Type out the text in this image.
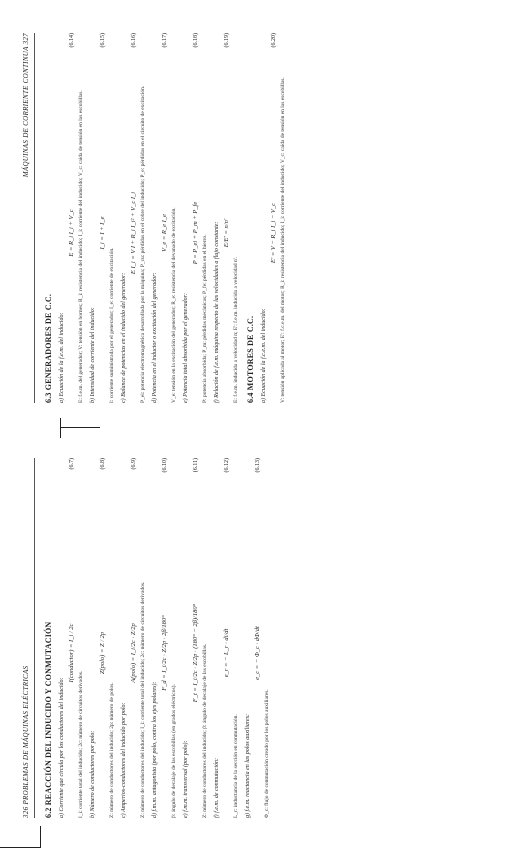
326 PROBLEMAS DE MÁQUINAS ELÉCTRICAS 6.2 REACCIÓN DEL INDUCIDO Y CONMUTACIÓN a) Corriente que circula por los conductores del inducido:
I(conductor) = I_i / 2c
(6.7)
I_i: corriente total del inducido; 2c: número de circuitos derivados. b) Número de conductores por polo:
Z(polo) = Z / 2p
(6.8)
Z: número de conductores del inducido; 2p: número de polos. c) Amperios-conductores del inducido por polo:
A(polo) = I_i/2c · Z/2p
(6.9)
Z: número de conductores del inducido; I_i: corriente total del inducido; 2c: número de circuitos derivados. d) f.m.m. antagonista (por polo, contra los ejes polares):
F_d = I_i/2c · Z/2p · 2β/180°
(6.10)
β: ángulo de decalaje de las escobillas (en grados eléctricos). e) f.m.m. transversal (por polo):
F_t = I_i/2c · Z/2p · (180° − 2β)/180°
(6.11)
Z: número de conductores del inducido; β: ángulo de decalaje de las escobillas. f) f.e.m. de conmutación:
e_r = − L_r · di/dt
(6.12)
L_r: inductancia de la sección en conmutación. g) f.e.m. reactancia en las polos auxiliares:
e_c = − Φ_c · dΦ/dt
(6.13)
Φ_c: flujo de conmutación creado por los polos auxiliares.
MÁQUINAS DE CORRIENTE CONTINUA 327
6.3 GENERADORES DE C.C. a) Ecuación de la f.e.m. del inducido:
E = R_i I_i + V_c
(6.14)
E: f.e.m. del generador; V: tensión en bornes; R_i: resistencia del inducido; I_i: corriente del inducido; V_c: caída de tensión en las escobillas. b) Intensidad de corriente del inducido:
I_i = I + I_e
(6.15)
I: corriente suministrada por el generador; I_e: corriente de excitación. c) Balance de potencias en el inducido del generador:
E I_i = V I + R_i I_i² + V_c I_i
(6.16)
P_ei: potencia electromagnética desarrollada por la máquina; P_cu: pérdidas en el cobre del inducido; P_e: pérdidas en el circuito de excitación. d) Potencia en el inductor o excitación del generador:
V_e = R_e I_e
(6.17)
V_e: tensión en la excitación del generador; R_e: resistencia del devanado de excitación. e) Potencia total absorbida por el generador:
P = P_ei + P_m + P_fe
(6.18)
P: potencia absorbida; P_m: pérdidas mecánicas; P_fe: pérdidas en el hierro. f) Relación de f.e.m. máquina respecto de las velocidades a flujo constante: E/E' = n/n'
(6.19)
E: f.e.m. inducida a velocidad n; E': f.e.m. inducida a velocidad n'. 6.4 MOTORES DE C.C. a) Ecuación de la f.c.e.m. del inducido:
E' = V − R_i I_i − V_c
(6.20)
V: tensión aplicada al motor; E': f.c.e.m. del motor; R_i: resistencia del inducido; I_i: corriente del inducido; V_c: caída de tensión en las escobillas.
